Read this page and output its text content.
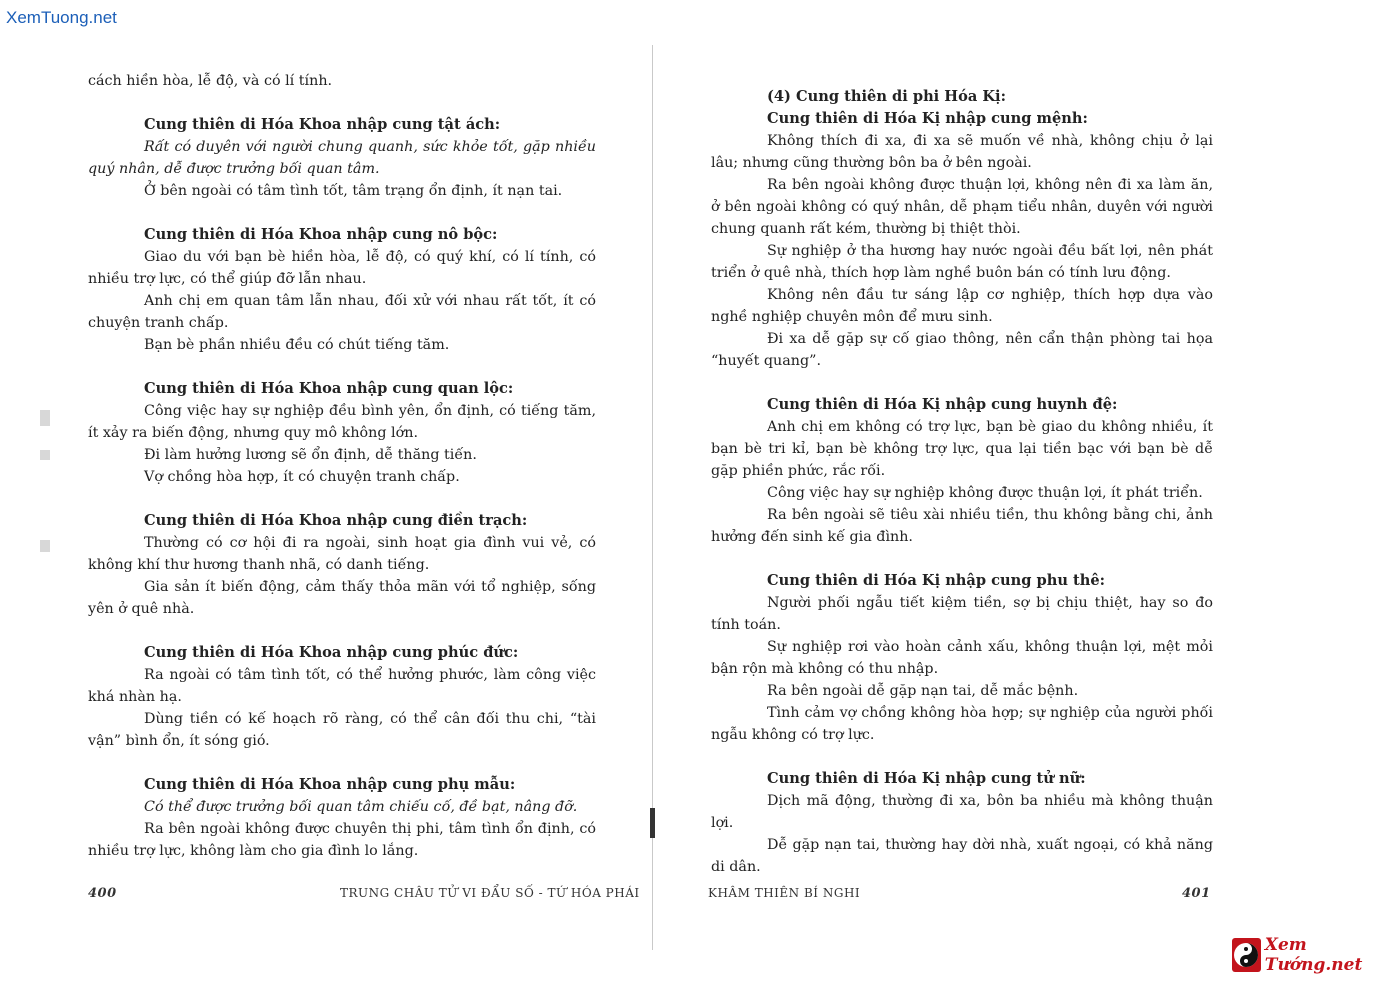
XemTuong.net

cách hiền hòa, lễ độ, và có lí tính.

Cung thiên di Hóa Khoa nhập cung tật ách:

Rất có duyên với người chung quanh, sức khỏe tốt, gặp nhiều quý nhân, dễ được trưởng bối quan tâm.

Ở bên ngoài có tâm tình tốt, tâm trạng ổn định, ít nạn tai.

Cung thiên di Hóa Khoa nhập cung nô bộc:

Giao du với bạn bè hiền hòa, lễ độ, có quý khí, có lí tính, có nhiều trợ lực, có thể giúp đỡ lẫn nhau.

Anh chị em quan tâm lẫn nhau, đối xử với nhau rất tốt, ít có chuyện tranh chấp.

Bạn bè phần nhiều đều có chút tiếng tăm.

Cung thiên di Hóa Khoa nhập cung quan lộc:

Công việc hay sự nghiệp đều bình yên, ổn định, có tiếng tăm, ít xảy ra biến động, nhưng quy mô không lớn.

Đi làm hưởng lương sẽ ổn định, dễ thăng tiến.

Vợ chồng hòa hợp, ít có chuyện tranh chấp.

Cung thiên di Hóa Khoa nhập cung điền trạch:

Thường có cơ hội đi ra ngoài, sinh hoạt gia đình vui vẻ, có không khí thư hương thanh nhã, có danh tiếng.

Gia sản ít biến động, cảm thấy thỏa mãn với tổ nghiệp, sống yên ở quê nhà.

Cung thiên di Hóa Khoa nhập cung phúc đức:

Ra ngoài có tâm tình tốt, có thể hưởng phước, làm công việc khá nhàn hạ.

Dùng tiền có kế hoạch rõ ràng, có thể cân đối thu chi, “tài vận” bình ổn, ít sóng gió.

Cung thiên di Hóa Khoa nhập cung phụ mẫu:

Có thể được trưởng bối quan tâm chiếu cố, đề bạt, nâng đỡ.

Ra bên ngoài không được chuyên thị phi, tâm tình ổn định, có nhiều trợ lực, không làm cho gia đình lo lắng.

400	TRUNG CHÂU TỬ VI ĐẨU SỐ - TỨ HÓA PHÁI
(4) Cung thiên di phi Hóa Kị:
Cung thiên di Hóa Kị nhập cung mệnh:

Không thích đi xa, đi xa sẽ muốn về nhà, không chịu ở lại lâu; nhưng cũng thường bôn ba ở bên ngoài.

Ra bên ngoài không được thuận lợi, không nên đi xa làm ăn, ở bên ngoài không có quý nhân, dễ phạm tiểu nhân, duyên với người chung quanh rất kém, thường bị thiệt thòi.

Sự nghiệp ở tha hương hay nước ngoài đều bất lợi, nên phát triển ở quê nhà, thích hợp làm nghề buôn bán có tính lưu động.

Không nên đầu tư sáng lập cơ nghiệp, thích hợp dựa vào nghề nghiệp chuyên môn để mưu sinh.

Đi xa dễ gặp sự cố giao thông, nên cẩn thận phòng tai họa “huyết quang”.

Cung thiên di Hóa Kị nhập cung huynh đệ:

Anh chị em không có trợ lực, bạn bè giao du không nhiều, ít bạn bè tri kỉ, bạn bè không trợ lực, qua lại tiền bạc với bạn bè dễ gặp phiền phức, rắc rối.

Công việc hay sự nghiệp không được thuận lợi, ít phát triển.

Ra bên ngoài sẽ tiêu xài nhiều tiền, thu không bằng chi, ảnh hưởng đến sinh kế gia đình.

Cung thiên di Hóa Kị nhập cung phu thê:

Người phối ngẫu tiết kiệm tiền, sợ bị chịu thiệt, hay so đo tính toán.

Sự nghiệp rơi vào hoàn cảnh xấu, không thuận lợi, mệt mỏi bận rộn mà không có thu nhập.

Ra bên ngoài dễ gặp nạn tai, dễ mắc bệnh.

Tình cảm vợ chồng không hòa hợp; sự nghiệp của người phối ngẫu không có trợ lực.

Cung thiên di Hóa Kị nhập cung tử nữ:

Dịch mã động, thường đi xa, bôn ba nhiều mà không thuận lợi.

Dễ gặp nạn tai, thường hay dời nhà, xuất ngoại, có khả năng di dân.

KHÂM THIÊN BÍ NGHI	401
Xem Tướng.net
